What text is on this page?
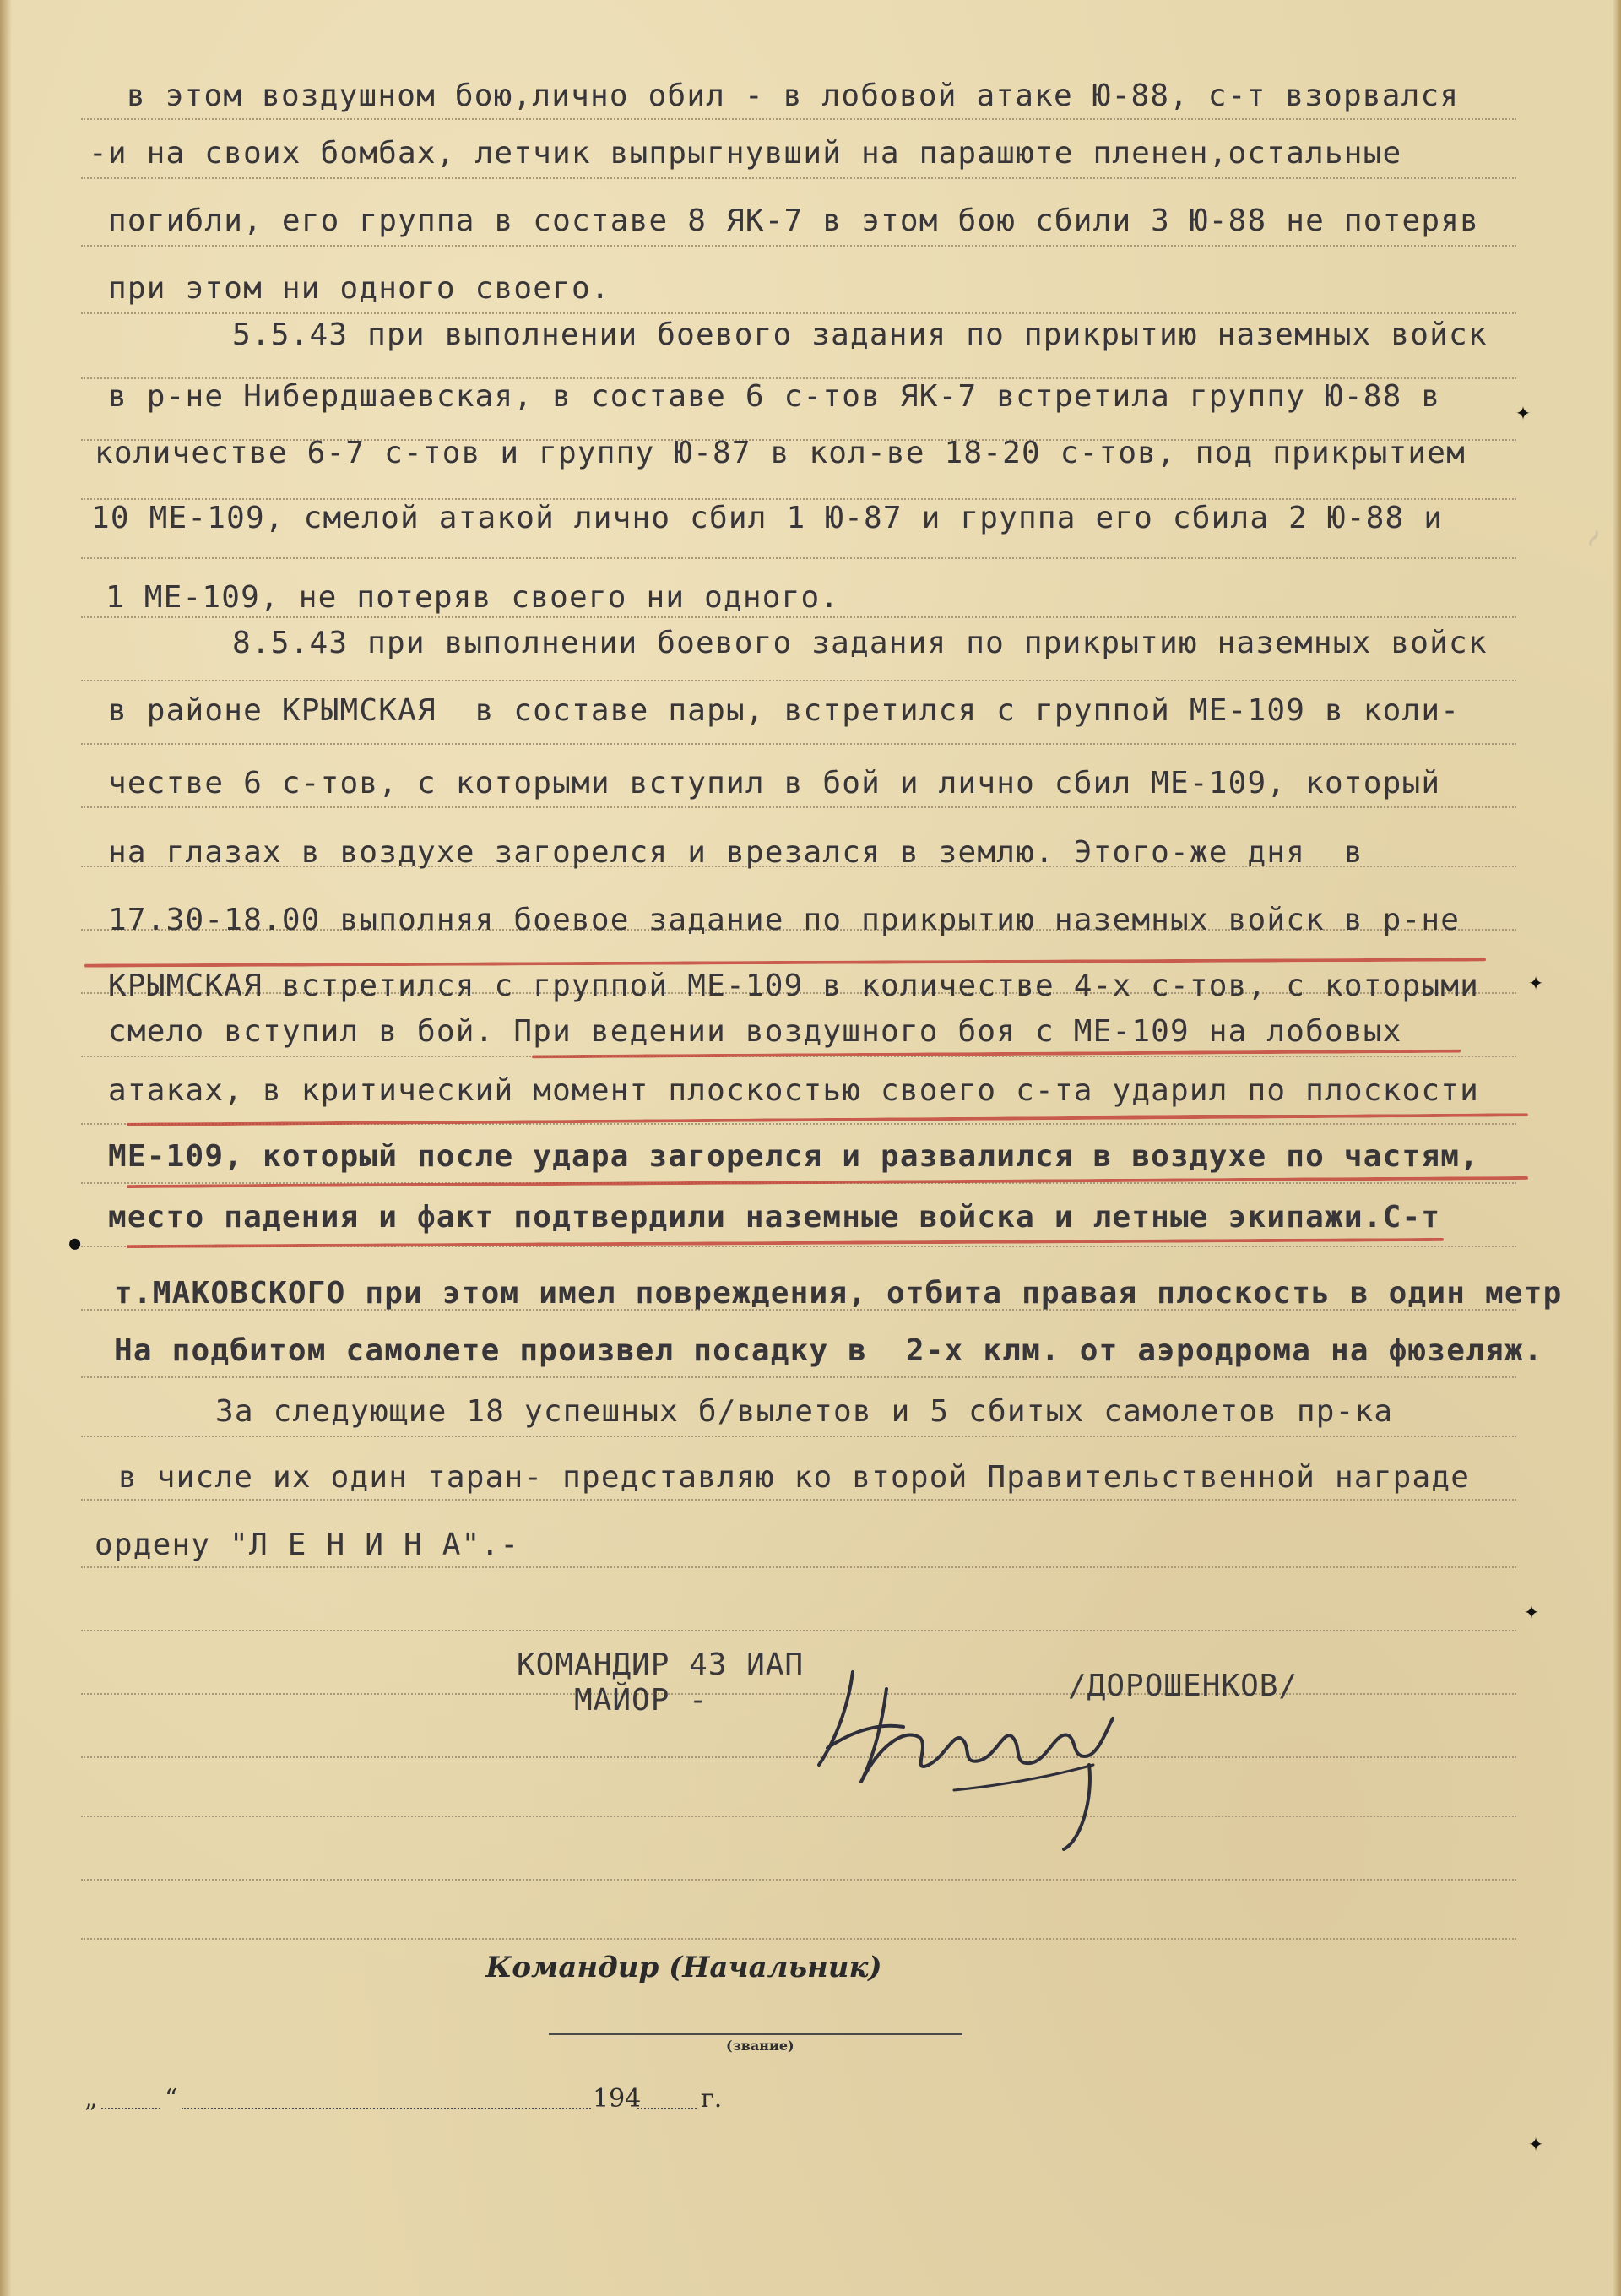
в этом воздушном бою,лично обил - в лобовой атаке Ю-88, с-т взорвался
-и на своих бомбах, летчик выпрыгнувший на парашюте пленен,остальные
погибли, его группа в составе 8 ЯК-7 в этом бою сбили 3 Ю-88 не потеряв
при этом ни одного своего.
5.5.43 при выполнении боевого задания по прикрытию наземных войск
в р-не Нибердшаевская, в составе 6 с-тов ЯК-7 встретила группу Ю-88 в
количестве 6-7 с-тов и группу Ю-87 в кол-ве 18-20 с-тов, под прикрытием
10 МЕ-109, смелой атакой лично сбил 1 Ю-87 и группа его сбила 2 Ю-88 и
1 МЕ-109, не потеряв своего ни одного.
8.5.43 при выполнении боевого задания по прикрытию наземных войск
в районе КРЫМСКАЯ  в составе пары, встретился с группой МЕ-109 в коли-
честве 6 с-тов, с которыми вступил в бой и лично сбил МЕ-109, который
на глазах в воздухе загорелся и врезался в землю. Этого-же дня  в
17.30-18.00 выполняя боевое задание по прикрытию наземных войск в р-не
КРЫМСКАЯ встретился с группой МЕ-109 в количестве 4-х с-тов, с которыми
смело вступил в бой. При ведении воздушного боя с МЕ-109 на лобовых
атаках, в критический момент плоскостью своего с-та ударил по плоскости
МЕ-109, который после удара загорелся и развалился в воздухе по частям,
место падения и факт подтвердили наземные войска и летные экипажи.С-т
т.МАКОВСКОГО при этом имел повреждения, отбита правая плоскость в один метр
На подбитом самолете произвел посадку в  2-х клм. от аэродрома на фюзеляж.
За следующие 18 успешных б/вылетов и 5 сбитых самолетов пр-ка
в числе их один таран- представляю ко второй Правительственной награде
ордену "Л Е Н И Н А".-
КОМАНДИР 43 ИАП
МАЙОР -	/ДОРОШЕНКОВ/
Командир (Начальник)
(звание)
„	“	194 г.
✦
✦
●
✦
✦
~
